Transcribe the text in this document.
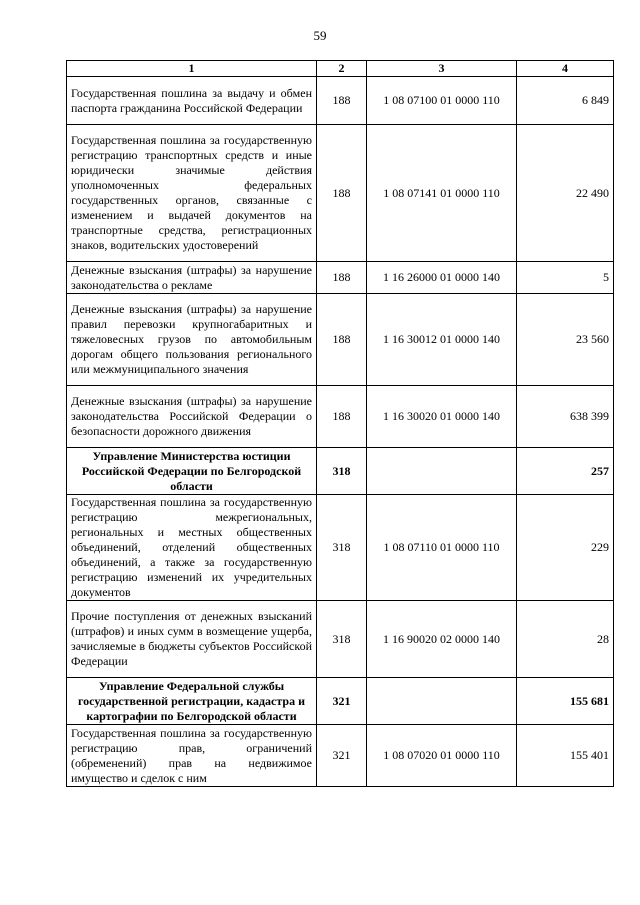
59
1	2	3	4
Государственная пошлина за выдачу и обмен паспорта гражданина Российской Федерации	188	1 08 07100 01 0000 110	6 849
Государственная пошлина за государственную регистрацию транспортных средств и иные юридически значимые действия уполномоченных федеральных государственных органов, связанные с изменением и выдачей документов на транспортные средства, регистрационных знаков, водительских удостоверений	188	1 08 07141 01 0000 110	22 490
Денежные взыскания (штрафы) за нарушение законодательства о рекламе	188	1 16 26000 01 0000 140	5
Денежные взыскания (штрафы) за нарушение правил перевозки крупногабаритных и тяжеловесных грузов по автомобильным дорогам общего пользования регионального или межмуниципального значения	188	1 16 30012 01 0000 140	23 560
Денежные взыскания (штрафы) за нарушение законодательства Российской Федерации о безопасности дорожного движения	188	1 16 30020 01 0000 140	638 399
Управление Министерства юстиции Российской Федерации по Белгородской области	318		257
Государственная пошлина за государственную регистрацию межрегиональных, региональных и местных общественных объединений, отделений общественных объединений, а также за государственную регистрацию изменений их учредительных документов	318	1 08 07110 01 0000 110	229
Прочие поступления от денежных взысканий (штрафов) и иных сумм в возмещение ущерба, зачисляемые в бюджеты субъектов Российской Федерации	318	1 16 90020 02 0000 140	28
Управление Федеральной службы государственной регистрации, кадастра и картографии по Белгородской области	321		155 681
Государственная пошлина за государственную регистрацию прав, ограничений (обременений) прав на недвижимое имущество и сделок с ним	321	1 08 07020 01 0000 110	155 401
